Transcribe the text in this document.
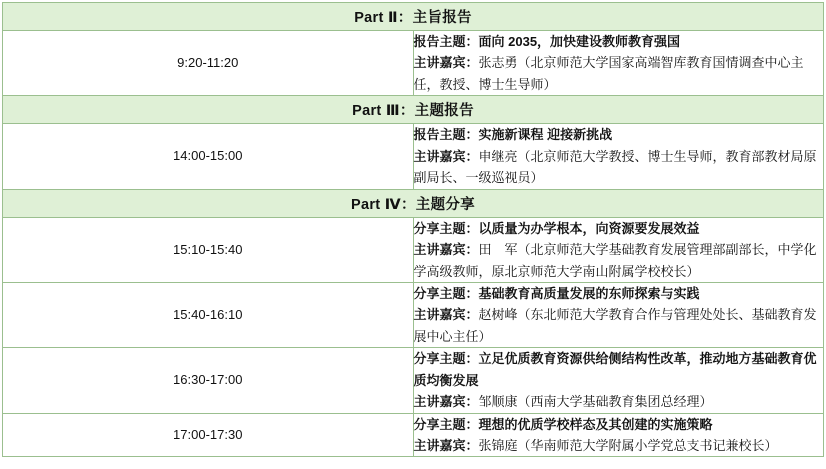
Part Ⅱ：主旨报告	
9:20-11:20	报告主题：面向 2035，加快建设教师教育强国
主讲嘉宾：张志勇（北京师范大学国家高端智库教育国情调查中心主任，教授、博士生导师）

Part Ⅲ：主题报告	
14:00-15:00	报告主题：实施新课程 迎接新挑战
主讲嘉宾：申继亮（北京师范大学教授、博士生导师，教育部教材局原副局长、一级巡视员）

Part Ⅳ：主题分享	
15:10-15:40	分享主题：以质量为办学根本，向资源要发展效益
主讲嘉宾：田　军（北京师范大学基础教育发展管理部副部长，中学化学高级教师，原北京师范大学南山附属学校校长）

15:40-16:10	分享主题：基础教育高质量发展的东师探索与实践
主讲嘉宾：赵树峰（东北师范大学教育合作与管理处处长、基础教育发展中心主任）

16:30-17:00	分享主题：立足优质教育资源供给侧结构性改革，推动地方基础教育优质均衡发展
主讲嘉宾：邹顺康（西南大学基础教育集团总经理）

17:00-17:30	分享主题：理想的优质学校样态及其创建的实施策略
主讲嘉宾：张锦庭（华南师范大学附属小学党总支书记兼校长）
